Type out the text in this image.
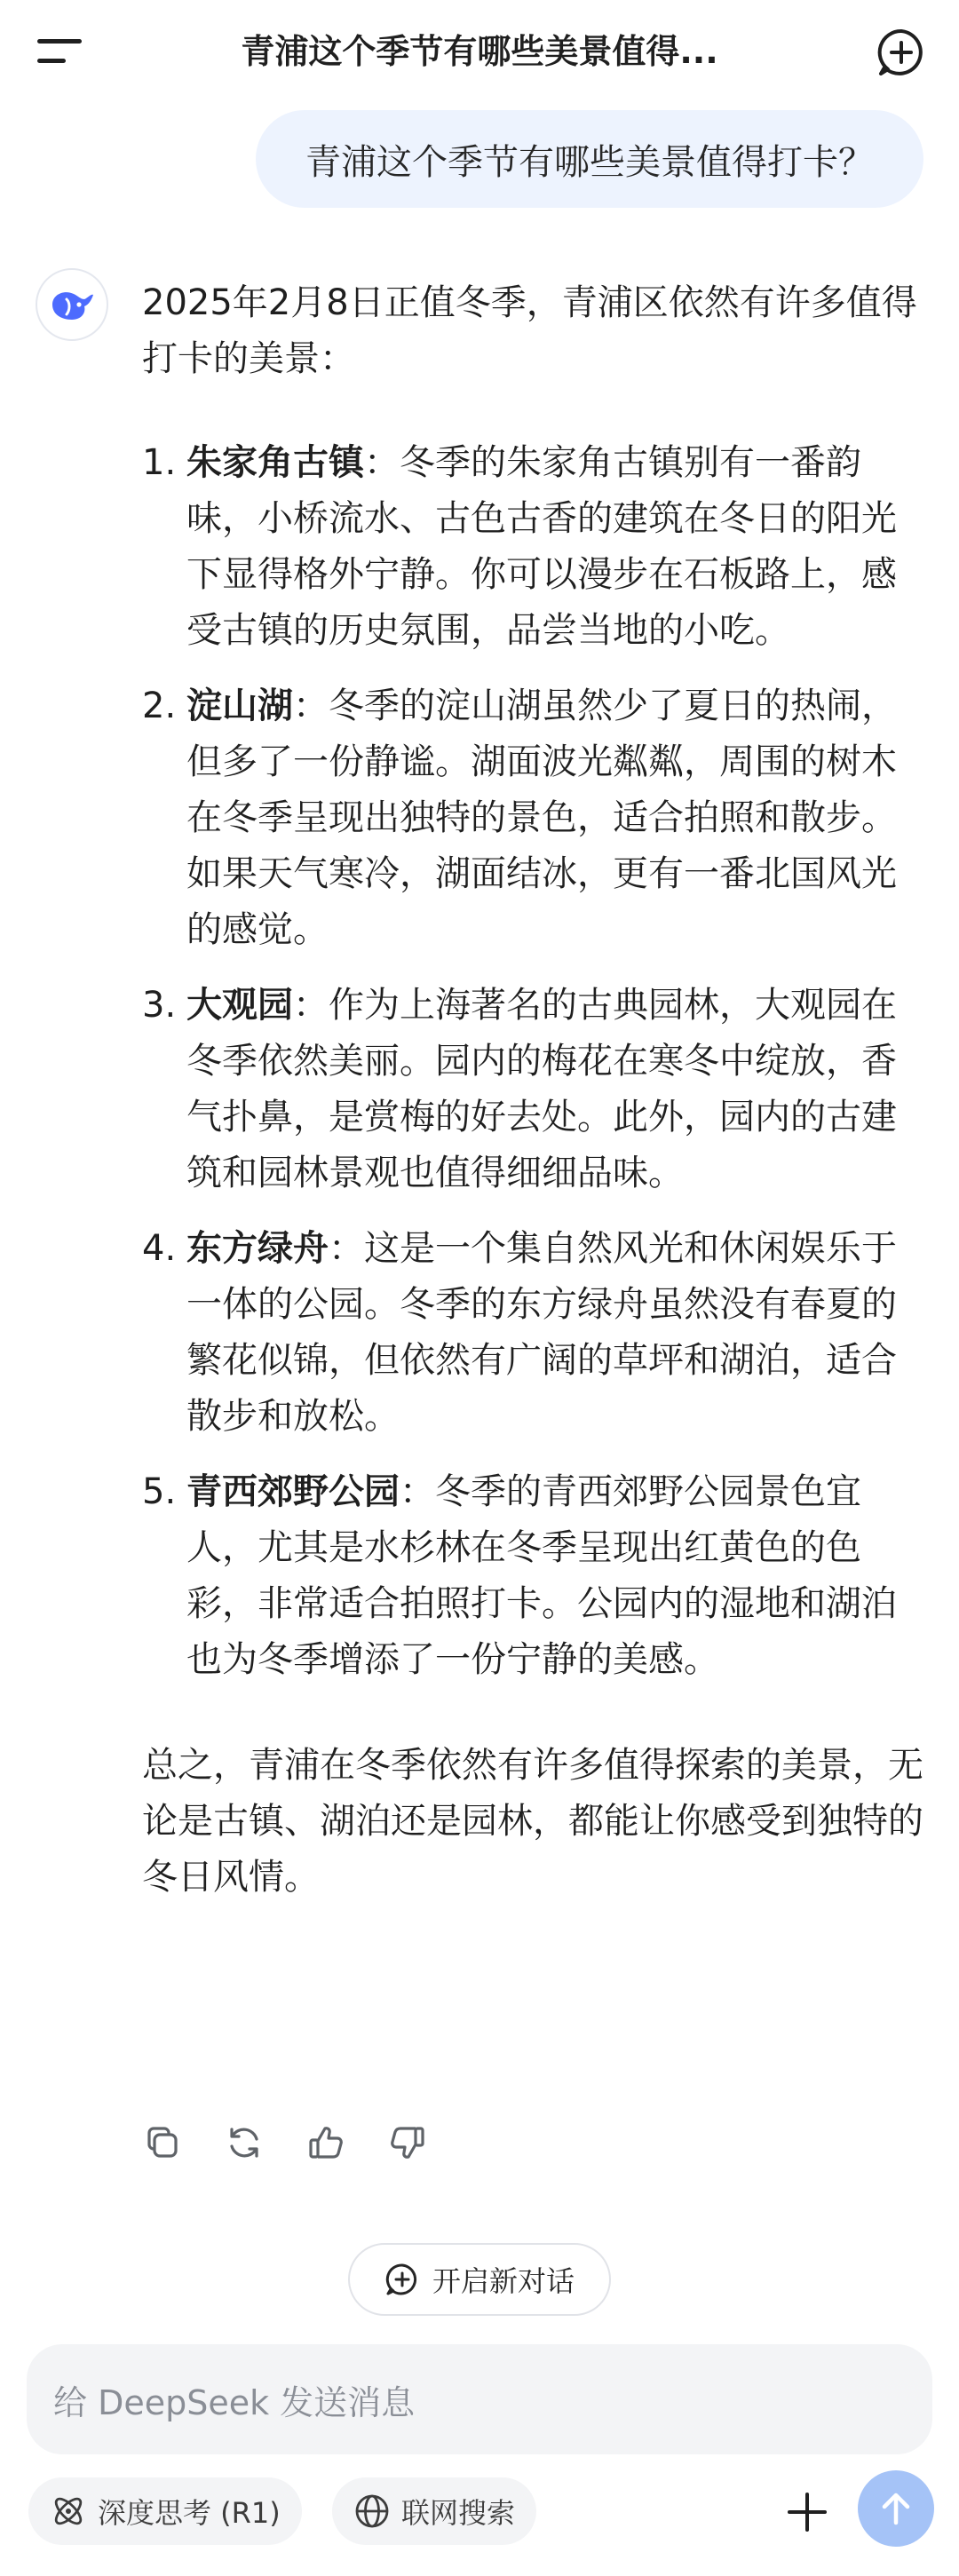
青浦这个季节有哪些美景值得...
青浦这个季节有哪些美景值得打卡？

2025年2月8日正值冬季，青浦区依然有许多值得打卡的美景：

1. 朱家角古镇：冬季的朱家角古镇别有一番韵味，小桥流水、古色古香的建筑在冬日的阳光下显得格外宁静。你可以漫步在石板路上，感受古镇的历史氛围，品尝当地的小吃。
2. 淀山湖：冬季的淀山湖虽然少了夏日的热闹，但多了一份静谧。湖面波光粼粼，周围的树木在冬季呈现出独特的景色，适合拍照和散步。如果天气寒冷，湖面结冰，更有一番北国风光的感觉。
3. 大观园：作为上海著名的古典园林，大观园在冬季依然美丽。园内的梅花在寒冬中绽放，香气扑鼻，是赏梅的好去处。此外，园内的古建筑和园林景观也值得细细品味。
4. 东方绿舟：这是一个集自然风光和休闲娱乐于一体的公园。冬季的东方绿舟虽然没有春夏的繁花似锦，但依然有广阔的草坪和湖泊，适合散步和放松。
5. 青西郊野公园：冬季的青西郊野公园景色宜人，尤其是水杉林在冬季呈现出红黄色的色彩，非常适合拍照打卡。公园内的湿地和湖泊也为冬季增添了一份宁静的美感。

总之，青浦在冬季依然有许多值得探索的美景，无论是古镇、湖泊还是园林，都能让你感受到独特的冬日风情。

开启新对话
给 DeepSeek 发送消息
深度思考 (R1)	联网搜索
